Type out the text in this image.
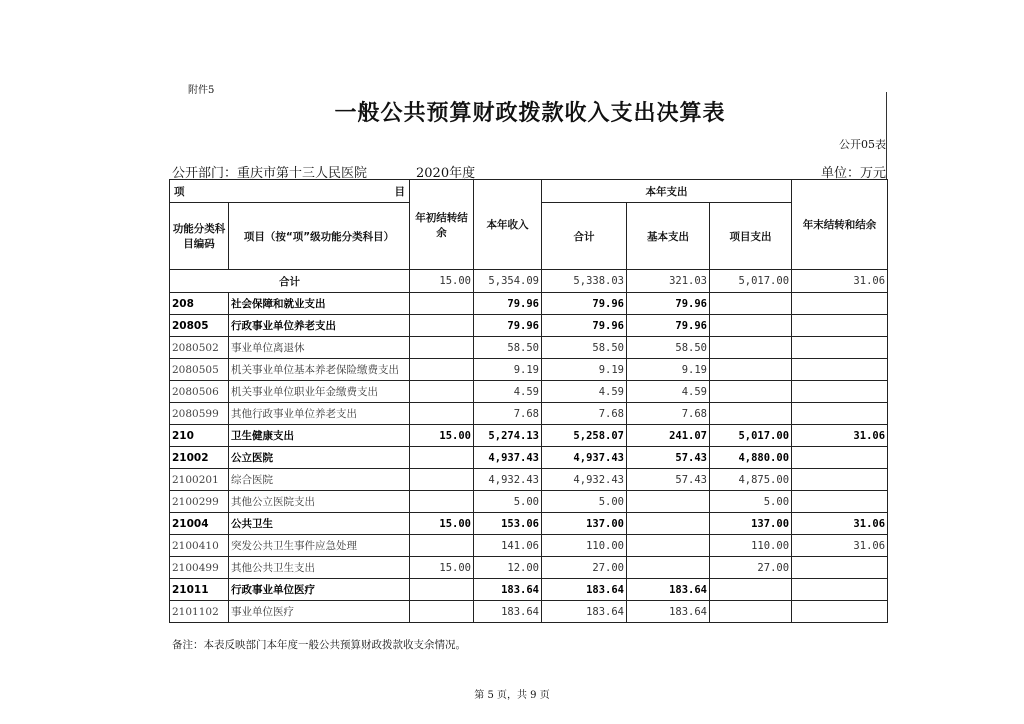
附件5
一般公共预算财政拨款收入支出决算表
公开05表
公开部门：重庆市第十三人民医院	2020年度	单位：万元
项 目		年初结转结余	本年收入	本年支出			年末结转和结余
功能分类科目编码	项目（按“项”级功能分类科目）			合计	基本支出	项目支出	

合计		15.00	5,354.09	5,338.03	321.03	5,017.00	31.06
208	社会保障和就业支出		79.96	79.96	79.96		
20805	行政事业单位养老支出		79.96	79.96	79.96		
2080502	事业单位离退休		58.50	58.50	58.50		
2080505	机关事业单位基本养老保险缴费支出		9.19	9.19	9.19		
2080506	机关事业单位职业年金缴费支出		4.59	4.59	4.59		
2080599	其他行政事业单位养老支出		7.68	7.68	7.68		
210	卫生健康支出	15.00	5,274.13	5,258.07	241.07	5,017.00	31.06
21002	公立医院		4,937.43	4,937.43	57.43	4,880.00	
2100201	综合医院		4,932.43	4,932.43	57.43	4,875.00	
2100299	其他公立医院支出		5.00	5.00		5.00	
21004	公共卫生	15.00	153.06	137.00		137.00	31.06
2100410	突发公共卫生事件应急处理		141.06	110.00		110.00	31.06
2100499	其他公共卫生支出	15.00	12.00	27.00		27.00	
21011	行政事业单位医疗		183.64	183.64	183.64		
2101102	事业单位医疗		183.64	183.64	183.64		
备注：本表反映部门本年度一般公共预算财政拨款收支余情况。
第 5 页，共 9 页
